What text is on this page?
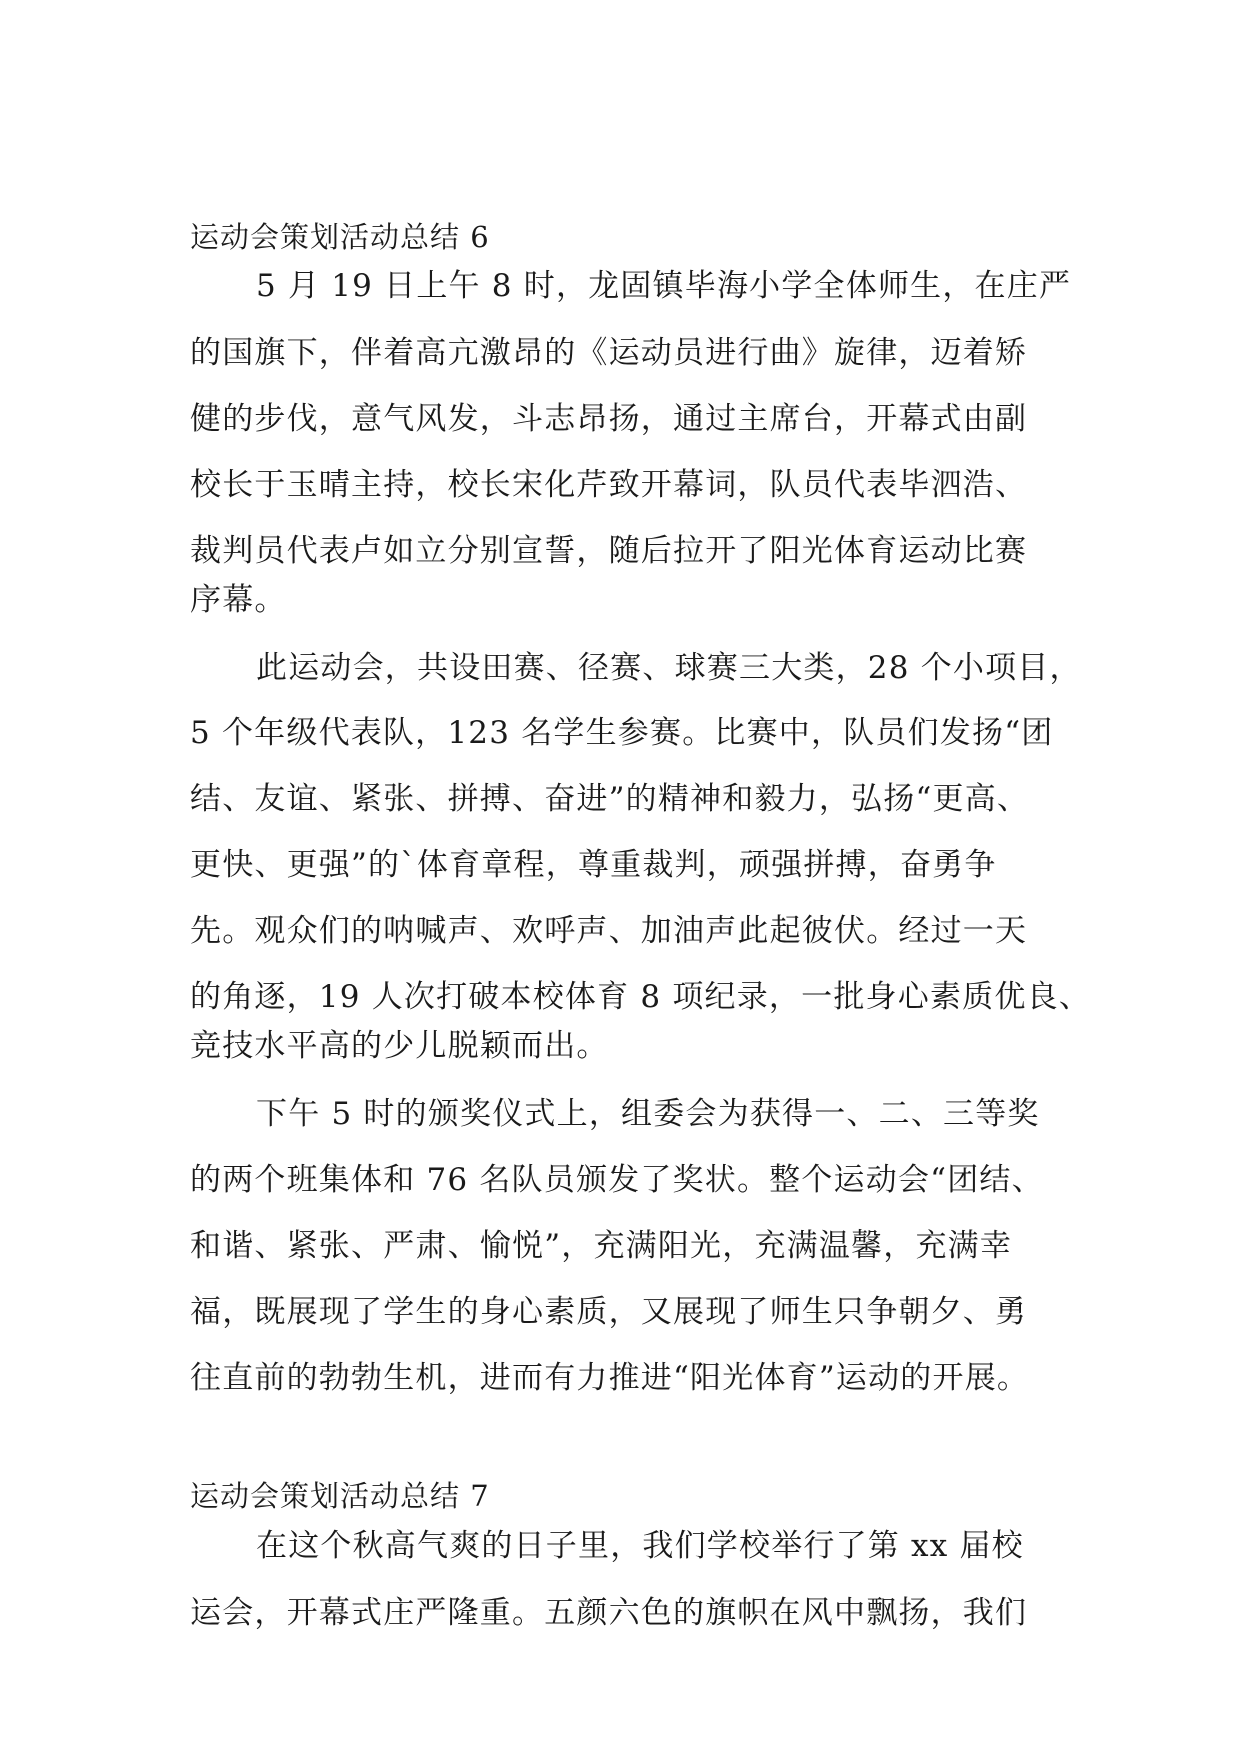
运动会策划活动总结 6
5 月 19 日上午 8 时，龙固镇毕海小学全体师生，在庄严
的国旗下，伴着高亢激昂的《运动员进行曲》旋律，迈着矫
健的步伐，意气风发，斗志昂扬，通过主席台，开幕式由副
校长于玉晴主持，校长宋化芹致开幕词，队员代表毕泗浩、
裁判员代表卢如立分别宣誓，随后拉开了阳光体育运动比赛
序幕。
此运动会，共设田赛、径赛、球赛三大类，28 个小项目，
5 个年级代表队，123 名学生参赛。比赛中，队员们发扬“团
结、友谊、紧张、拼搏、奋进”的精神和毅力，弘扬“更高、
更快、更强”的`体育章程，尊重裁判，顽强拼搏，奋勇争
先。观众们的呐喊声、欢呼声、加油声此起彼伏。经过一天
的角逐，19 人次打破本校体育 8 项纪录，一批身心素质优良、
竞技水平高的少儿脱颖而出。
下午 5 时的颁奖仪式上，组委会为获得一、二、三等奖
的两个班集体和 76 名队员颁发了奖状。整个运动会“团结、
和谐、紧张、严肃、愉悦”，充满阳光，充满温馨，充满幸
福，既展现了学生的身心素质，又展现了师生只争朝夕、勇
往直前的勃勃生机，进而有力推进“阳光体育”运动的开展。
运动会策划活动总结 7
在这个秋高气爽的日子里，我们学校举行了第 xx 届校
运会，开幕式庄严隆重。五颜六色的旗帜在风中飘扬，我们
